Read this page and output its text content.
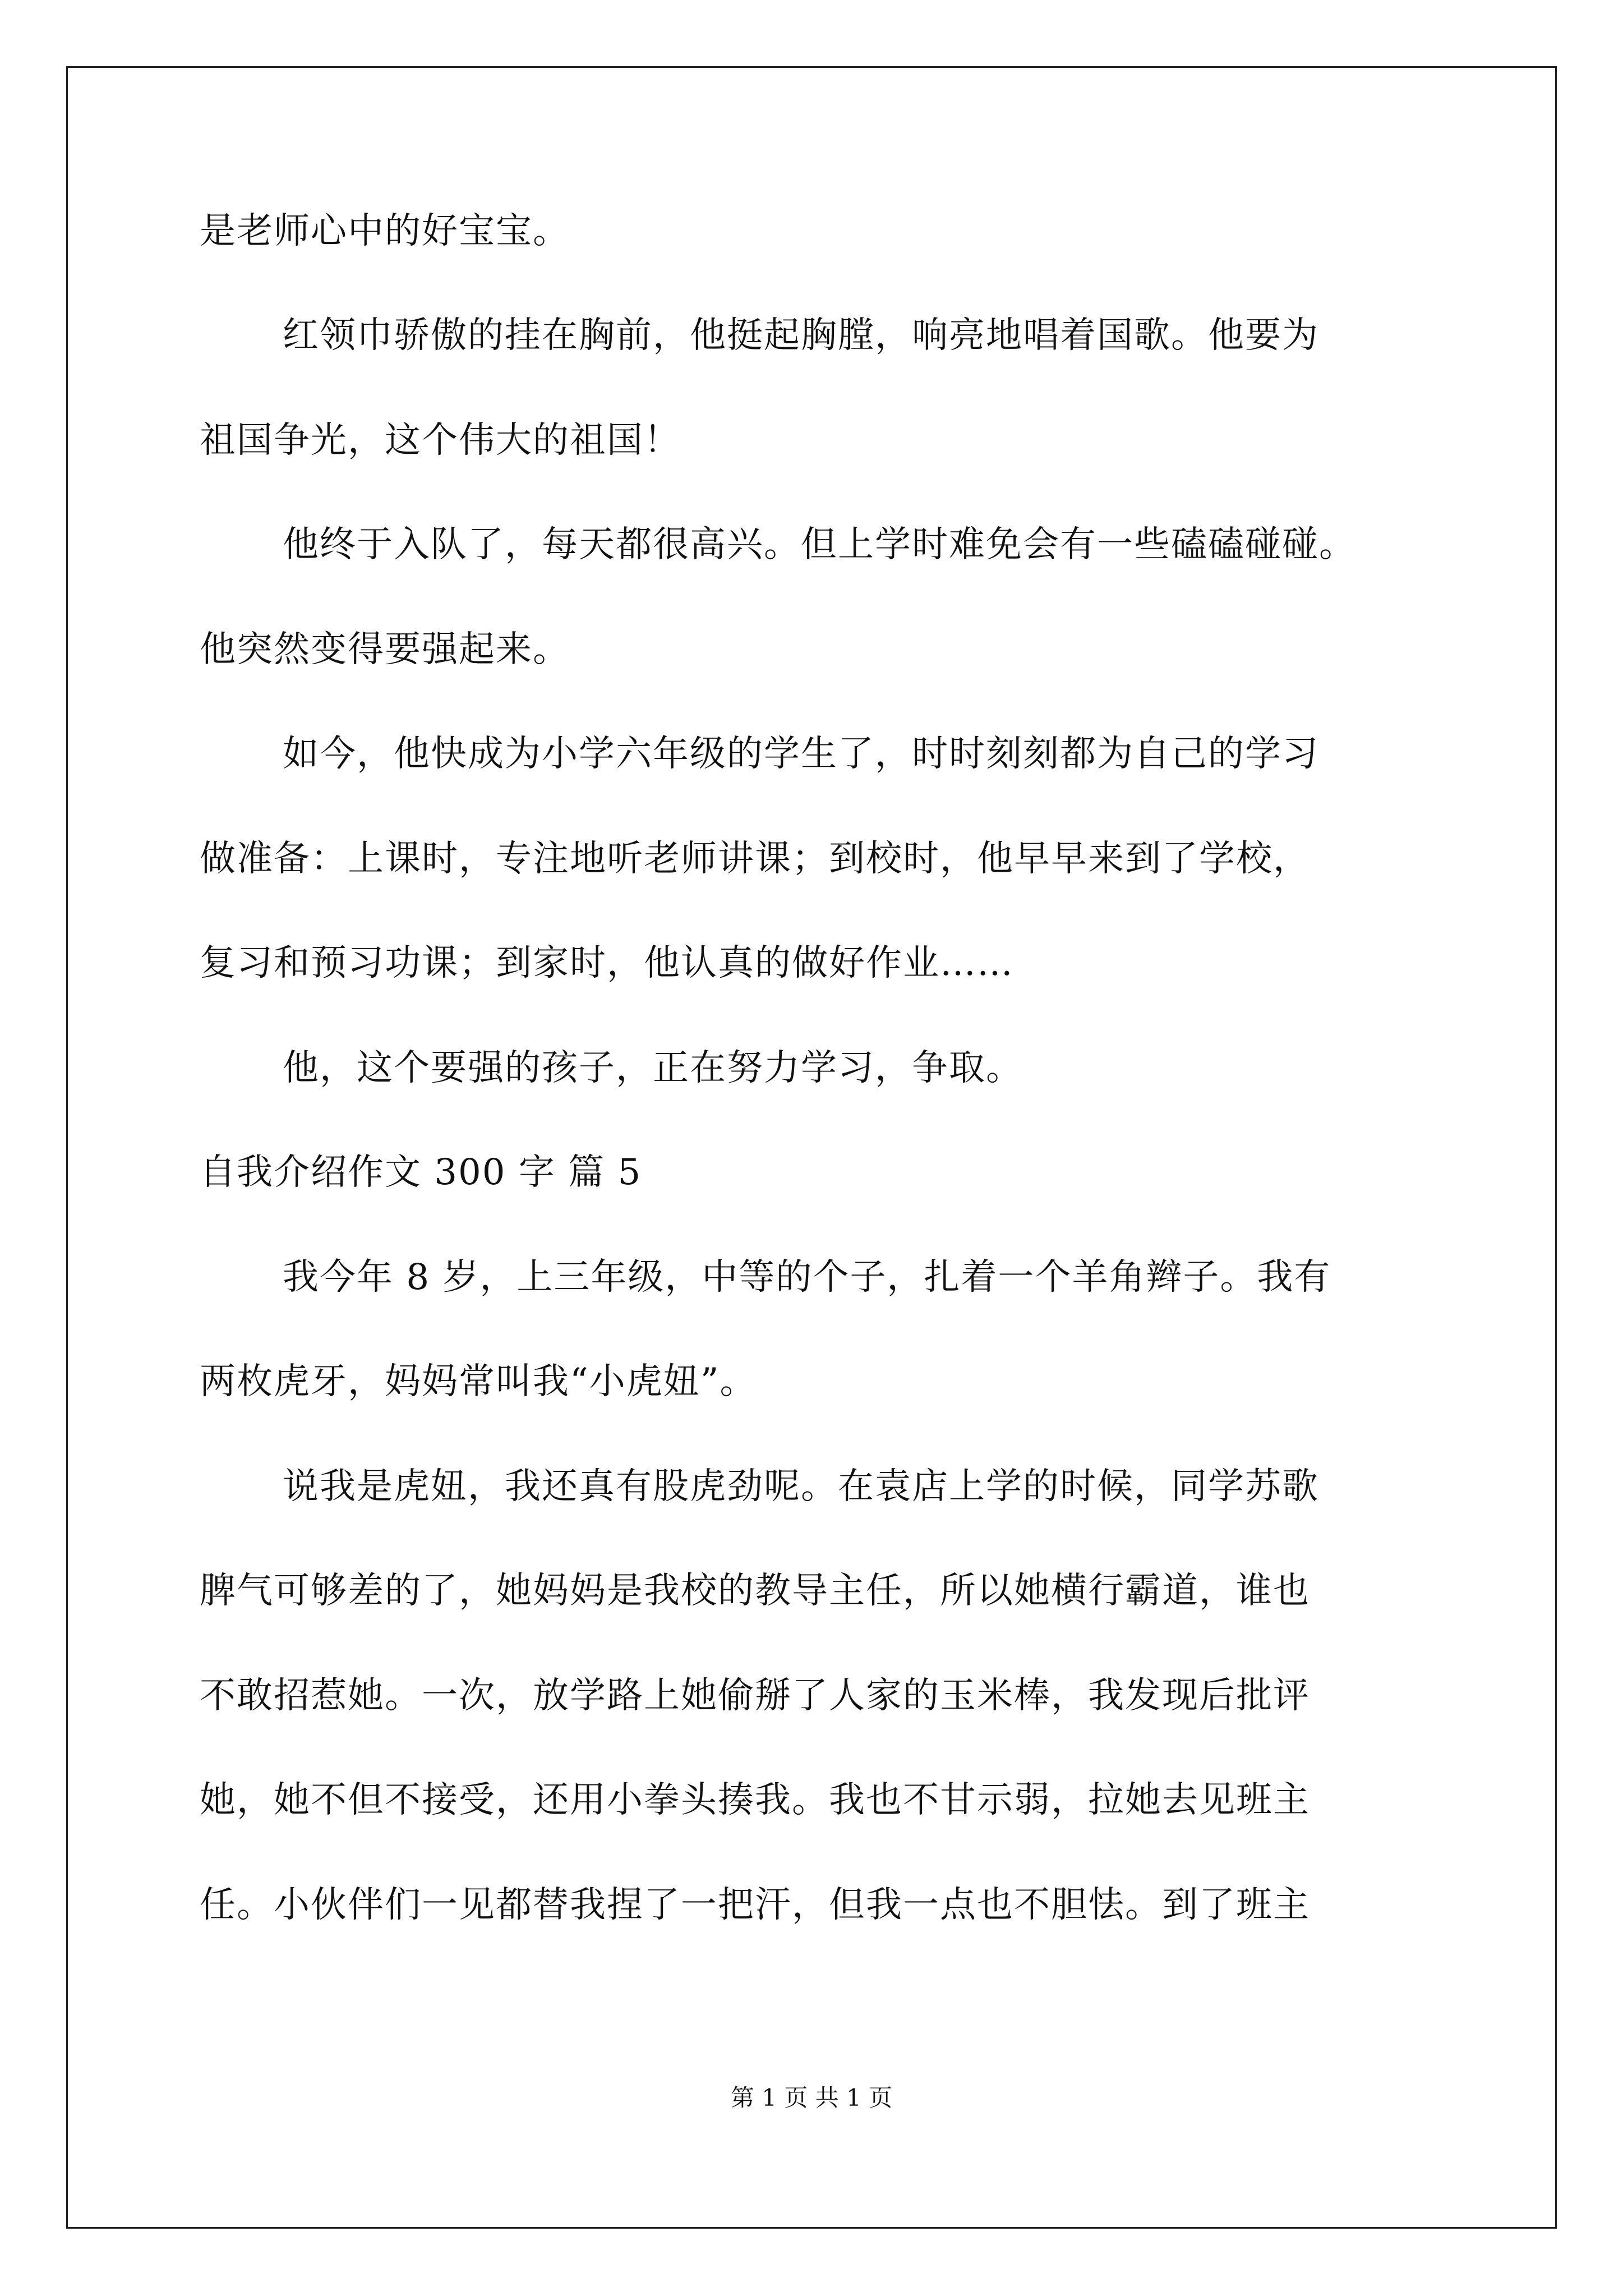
是老师心中的好宝宝。
红领巾骄傲的挂在胸前，他挺起胸膛，响亮地唱着国歌。他要为
祖国争光，这个伟大的祖国！
他终于入队了，每天都很高兴。但上学时难免会有一些磕磕碰碰。
他突然变得要强起来。
如今，他快成为小学六年级的学生了，时时刻刻都为自己的学习
做准备：上课时，专注地听老师讲课；到校时，他早早来到了学校，
复习和预习功课；到家时，他认真的做好作业……
他，这个要强的孩子，正在努力学习，争取。
自我介绍作文 300 字 篇 5
我今年 8 岁，上三年级，中等的个子，扎着一个羊角辫子。我有
两枚虎牙，妈妈常叫我“小虎妞”。
说我是虎妞，我还真有股虎劲呢。在袁店上学的时候，同学苏歌
脾气可够差的了，她妈妈是我校的教导主任，所以她横行霸道，谁也
不敢招惹她。一次，放学路上她偷掰了人家的玉米棒，我发现后批评
她，她不但不接受，还用小拳头揍我。我也不甘示弱，拉她去见班主
任。小伙伴们一见都替我捏了一把汗，但我一点也不胆怯。到了班主
第 1 页 共 1 页
